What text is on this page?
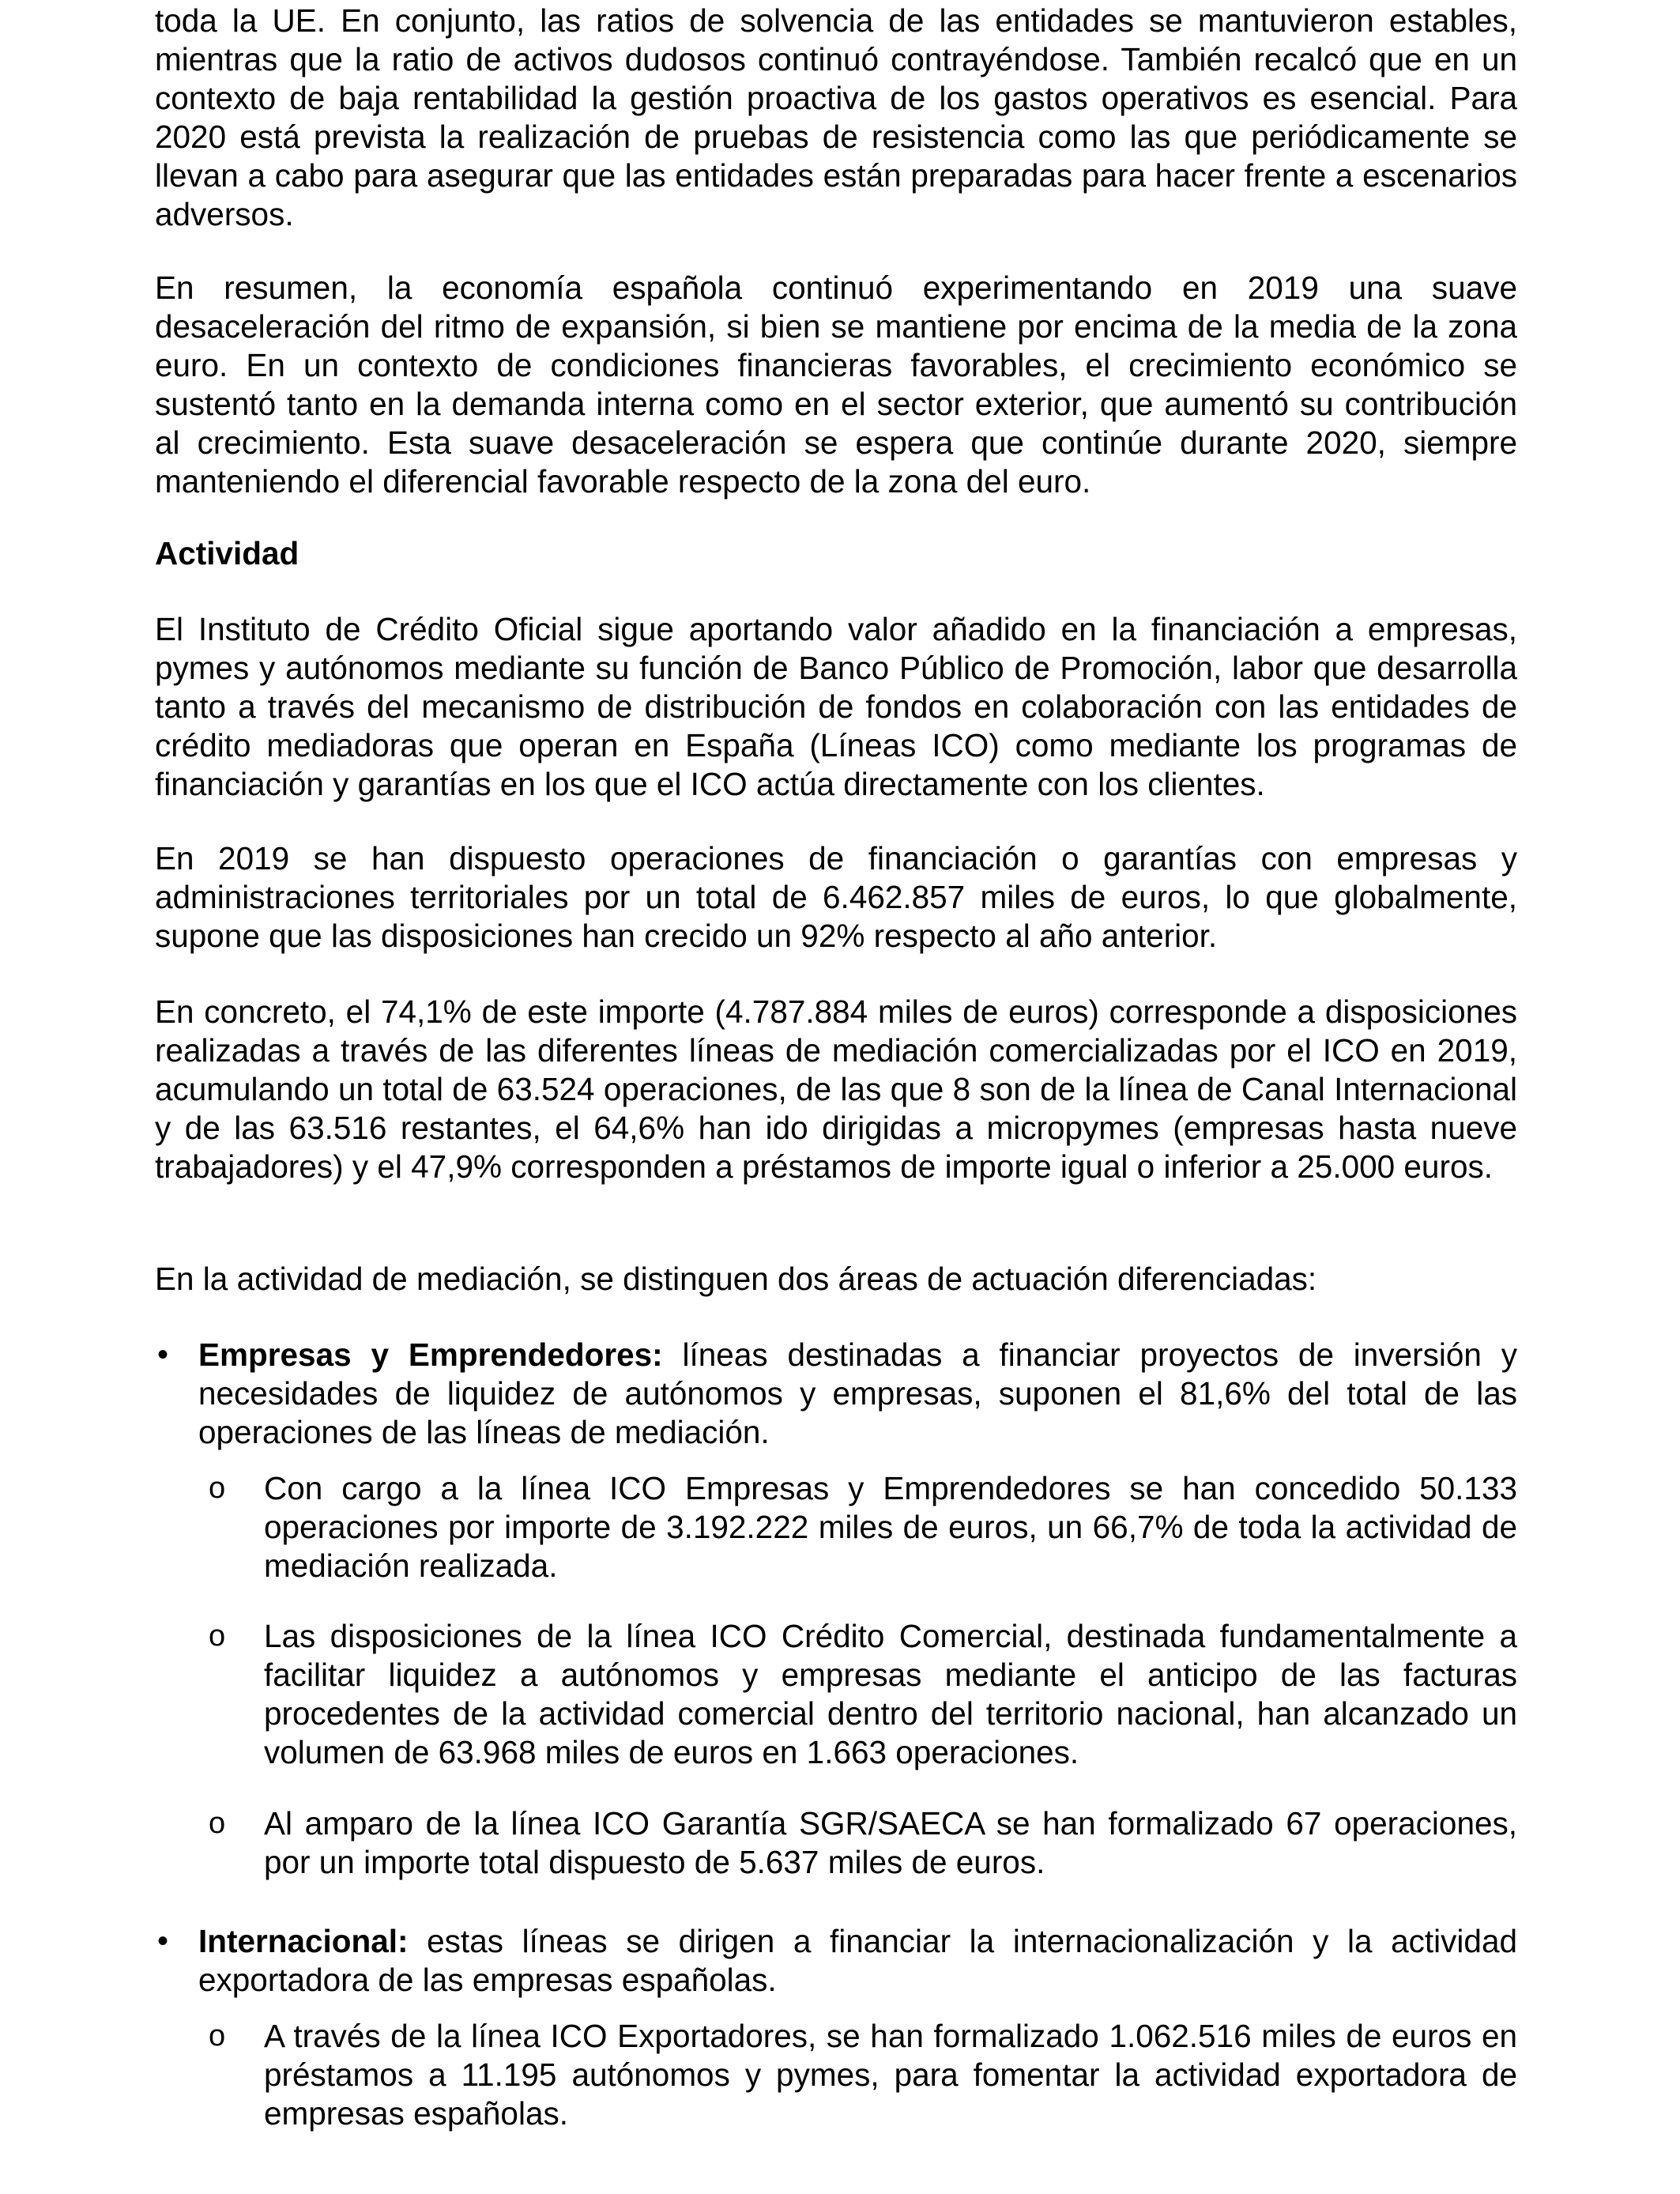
toda la UE. En conjunto, las ratios de solvencia de las entidades se mantuvieron estables, mientras que la ratio de activos dudosos continuó contrayéndose. También recalcó que en un contexto de baja rentabilidad la gestión proactiva de los gastos operativos es esencial. Para 2020 está prevista la realización de pruebas de resistencia como las que periódicamente se llevan a cabo para asegurar que las entidades están preparadas para hacer frente a escenarios adversos.

En resumen, la economía española continuó experimentando en 2019 una suave desaceleración del ritmo de expansión, si bien se mantiene por encima de la media de la zona euro. En un contexto de condiciones financieras favorables, el crecimiento económico se sustentó tanto en la demanda interna como en el sector exterior, que aumentó su contribución al crecimiento. Esta suave desaceleración se espera que continúe durante 2020, siempre manteniendo el diferencial favorable respecto de la zona del euro.

Actividad

El Instituto de Crédito Oficial sigue aportando valor añadido en la financiación a empresas, pymes y autónomos mediante su función de Banco Público de Promoción, labor que desarrolla tanto a través del mecanismo de distribución de fondos en colaboración con las entidades de crédito mediadoras que operan en España (Líneas ICO) como mediante los programas de financiación y garantías en los que el ICO actúa directamente con los clientes.

En 2019 se han dispuesto operaciones de financiación o garantías con empresas y administraciones territoriales por un total de 6.462.857 miles de euros, lo que globalmente, supone que las disposiciones han crecido un 92% respecto al año anterior.

En concreto, el 74,1% de este importe (4.787.884 miles de euros) corresponde a disposiciones realizadas a través de las diferentes líneas de mediación comercializadas por el ICO en 2019, acumulando un total de 63.524 operaciones, de las que 8 son de la línea de Canal Internacional y de las 63.516 restantes, el 64,6% han ido dirigidas a micropymes (empresas hasta nueve trabajadores) y el 47,9% corresponden a préstamos de importe igual o inferior a 25.000 euros.

En la actividad de mediación, se distinguen dos áreas de actuación diferenciadas:

• Empresas y Emprendedores: líneas destinadas a financiar proyectos de inversión y necesidades de liquidez de autónomos y empresas, suponen el 81,6% del total de las operaciones de las líneas de mediación.

o Con cargo a la línea ICO Empresas y Emprendedores se han concedido 50.133 operaciones por importe de 3.192.222 miles de euros, un 66,7% de toda la actividad de mediación realizada.

o Las disposiciones de la línea ICO Crédito Comercial, destinada fundamentalmente a facilitar liquidez a autónomos y empresas mediante el anticipo de las facturas procedentes de la actividad comercial dentro del territorio nacional, han alcanzado un volumen de 63.968 miles de euros en 1.663 operaciones.

o Al amparo de la línea ICO Garantía SGR/SAECA se han formalizado 67 operaciones, por un importe total dispuesto de 5.637 miles de euros.

• Internacional: estas líneas se dirigen a financiar la internacionalización y la actividad exportadora de las empresas españolas.

o A través de la línea ICO Exportadores, se han formalizado 1.062.516 miles de euros en préstamos a 11.195 autónomos y pymes, para fomentar la actividad exportadora de empresas españolas.
